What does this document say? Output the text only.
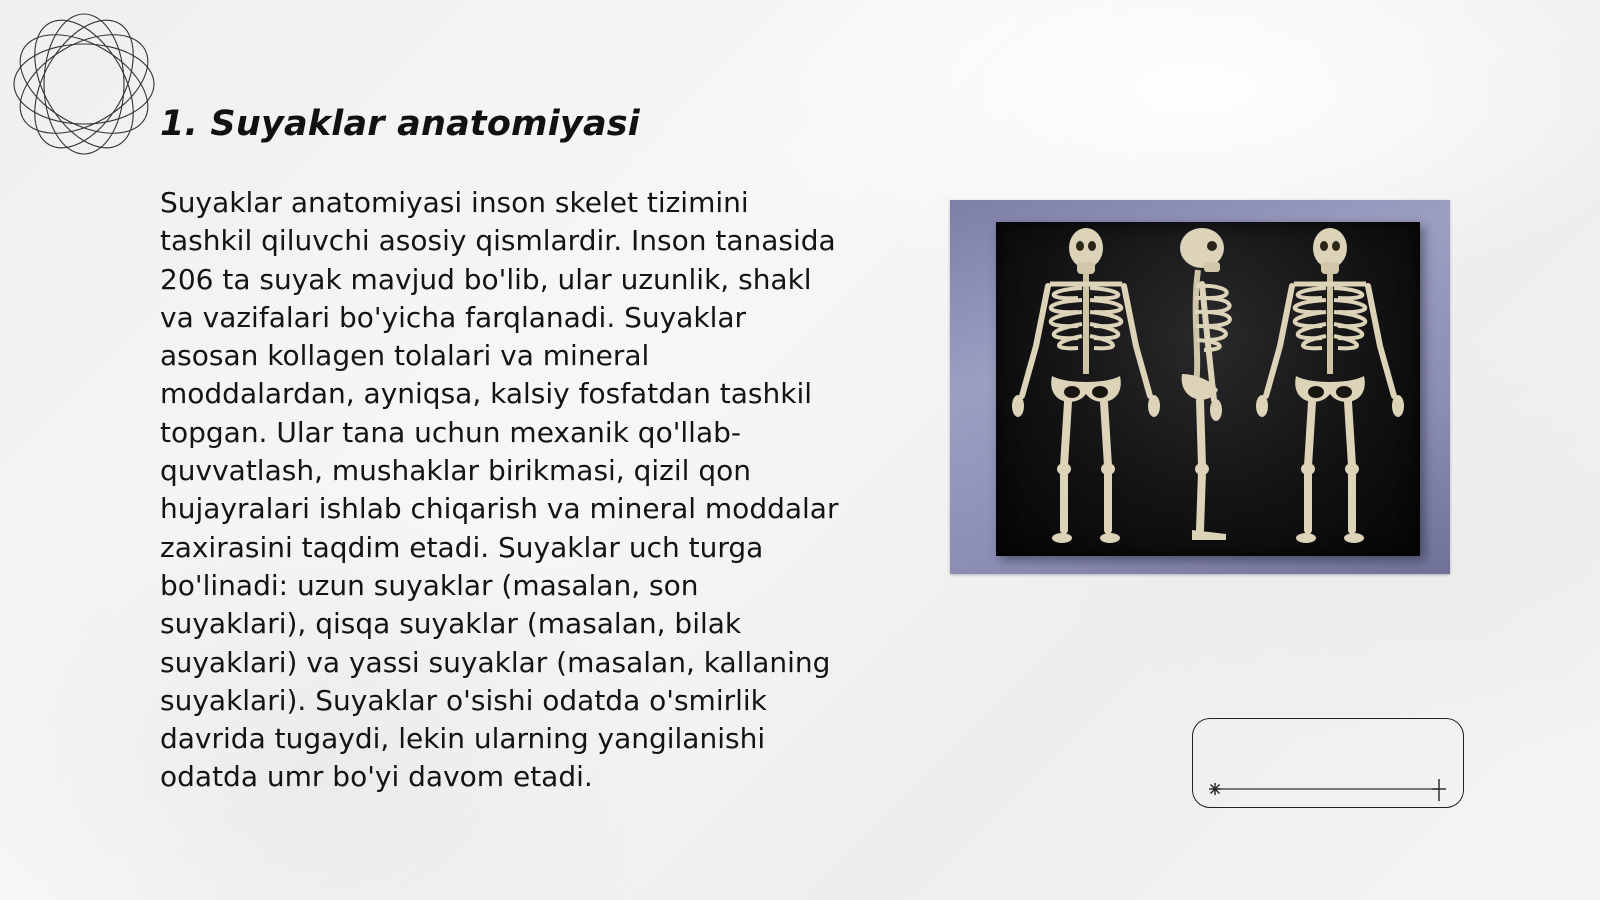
1. Suyaklar anatomiyasi

Suyaklar anatomiyasi inson skelet tizimini tashkil qiluvchi asosiy qismlardir. Inson tanasida 206 ta suyak mavjud bo'lib, ular uzunlik, shakl va vazifalari bo'yicha farqlanadi. Suyaklar asosan kollagen tolalari va mineral moddalardan, ayniqsa, kalsiy fosfatdan tashkil topgan. Ular tana uchun mexanik qo'llab-quvvatlash, mushaklar birikmasi, qizil qon hujayralari ishlab chiqarish va mineral moddalar zaxirasini taqdim etadi. Suyaklar uch turga bo'linadi: uzun suyaklar (masalan, son suyaklari), qisqa suyaklar (masalan, bilak suyaklari) va yassi suyaklar (masalan, kallaning suyaklari). Suyaklar o'sishi odatda o'smirlik davrida tugaydi, lekin ularning yangilanishi odatda umr bo'yi davom etadi.
